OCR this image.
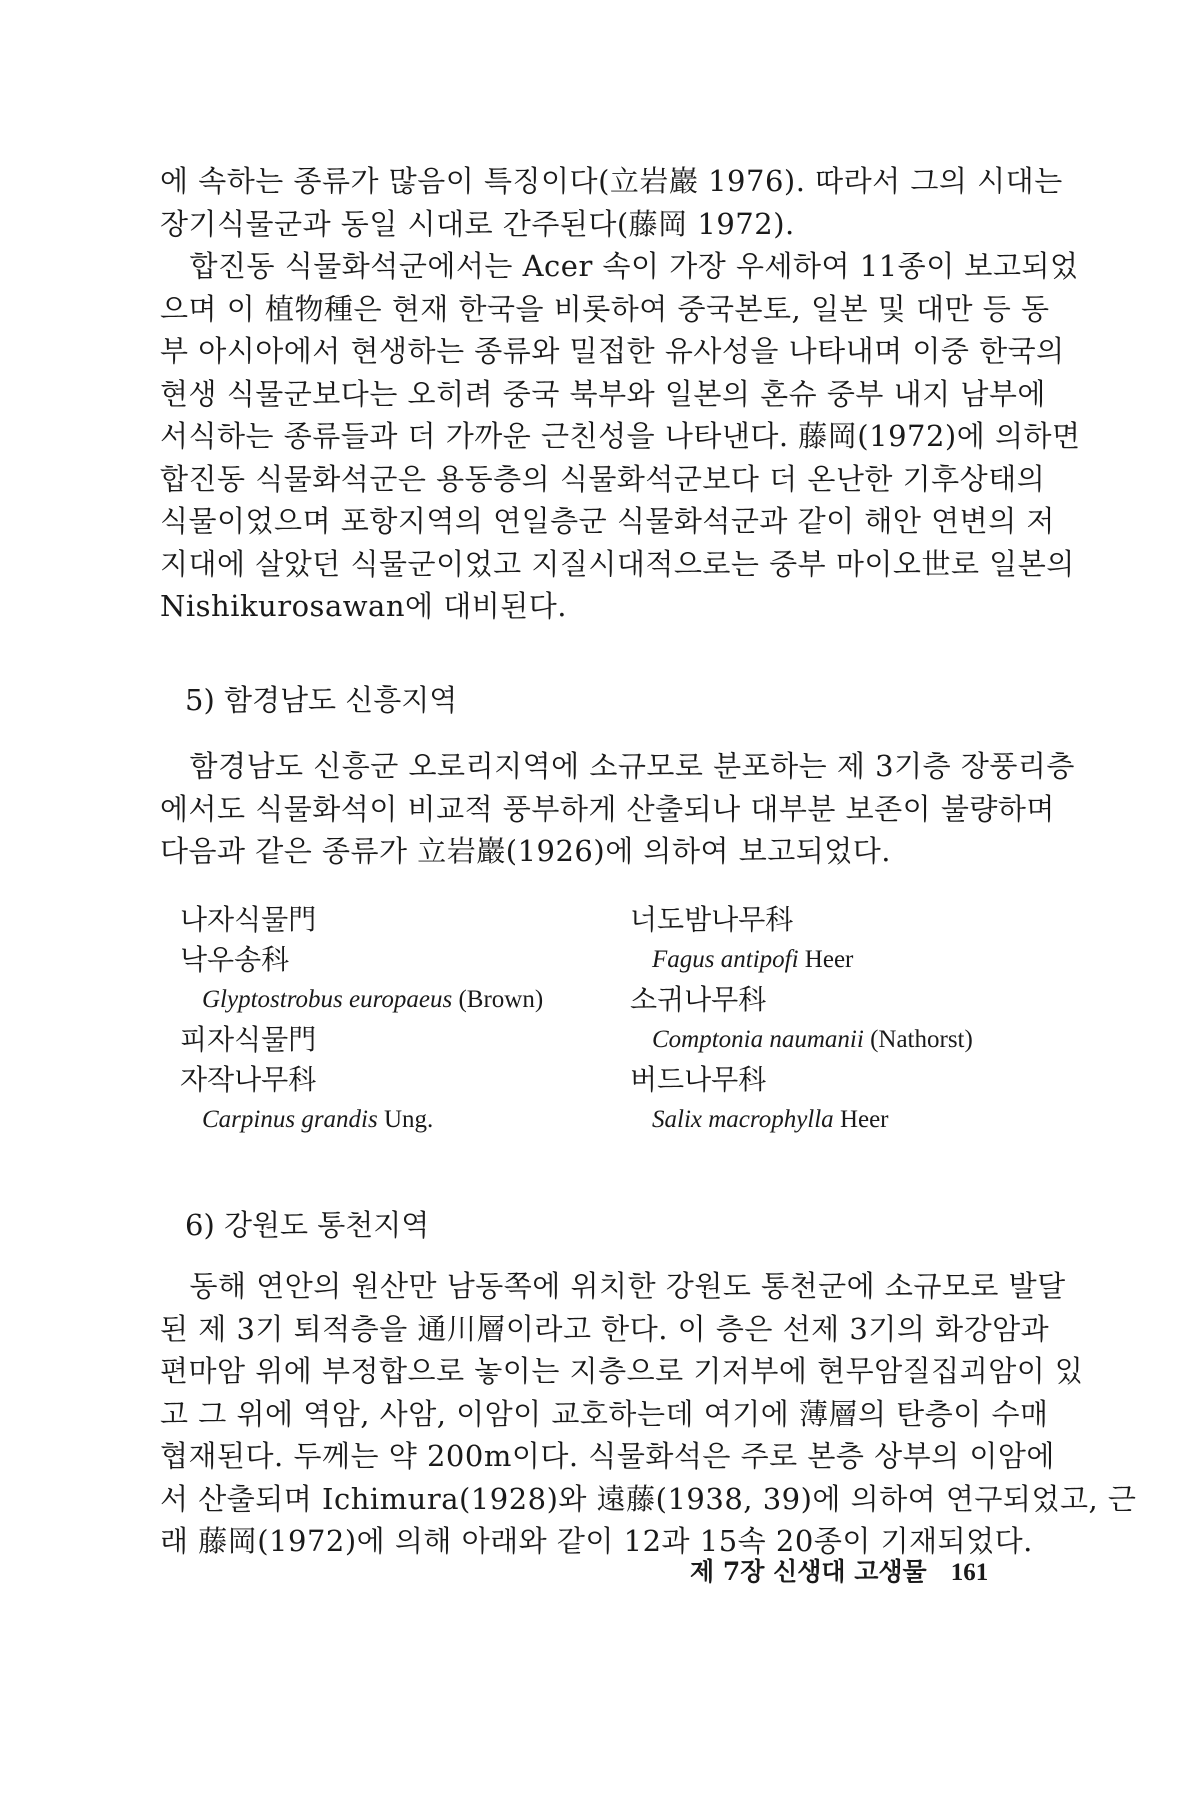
에 속하는 종류가 많음이 특징이다(立岩巖 1976). 따라서 그의 시대는
장기식물군과 동일 시대로 간주된다(藤岡 1972).

　합진동 식물화석군에서는 Acer 속이 가장 우세하여 11종이 보고되었
으며 이 植物種은 현재 한국을 비롯하여 중국본토, 일본 및 대만 등 동
부 아시아에서 현생하는 종류와 밀접한 유사성을 나타내며 이중 한국의
현생 식물군보다는 오히려 중국 북부와 일본의 혼슈 중부 내지 남부에
서식하는 종류들과 더 가까운 근친성을 나타낸다. 藤岡(1972)에 의하면
합진동 식물화석군은 용동층의 식물화석군보다 더 온난한 기후상태의
식물이었으며 포항지역의 연일층군 식물화석군과 같이 해안 연변의 저
지대에 살았던 식물군이었고 지질시대적으로는 중부 마이오世로 일본의
Nishikurosawan에 대비된다.

5) 함경남도 신흥지역

　함경남도 신흥군 오로리지역에 소규모로 분포하는 제 3기층 장풍리층
에서도 식물화석이 비교적 풍부하게 산출되나 대부분 보존이 불량하며
다음과 같은 종류가 立岩巖(1926)에 의하여 보고되었다.

나자식물門
낙우송科
Glyptostrobus europaeus (Brown)
피자식물門
자작나무科
Carpinus grandis Ung.
너도밤나무科
Fagus antipofi Heer
소귀나무科
Comptonia naumanii (Nathorst)
버드나무科
Salix macrophylla Heer
6) 강원도 통천지역

　동해 연안의 원산만 남동쪽에 위치한 강원도 통천군에 소규모로 발달
된 제 3기 퇴적층을 通川層이라고 한다. 이 층은 선제 3기의 화강암과
편마암 위에 부정합으로 놓이는 지층으로 기저부에 현무암질집괴암이 있
고 그 위에 역암, 사암, 이암이 교호하는데 여기에 薄層의 탄층이 수매
협재된다. 두께는 약 200m이다. 식물화석은 주로 본층 상부의 이암에
서 산출되며 Ichimura(1928)와 遠藤(1938, 39)에 의하여 연구되었고, 근
래 藤岡(1972)에 의해 아래와 같이 12과 15속 20종이 기재되었다.

제 7장 신생대 고생물 161
